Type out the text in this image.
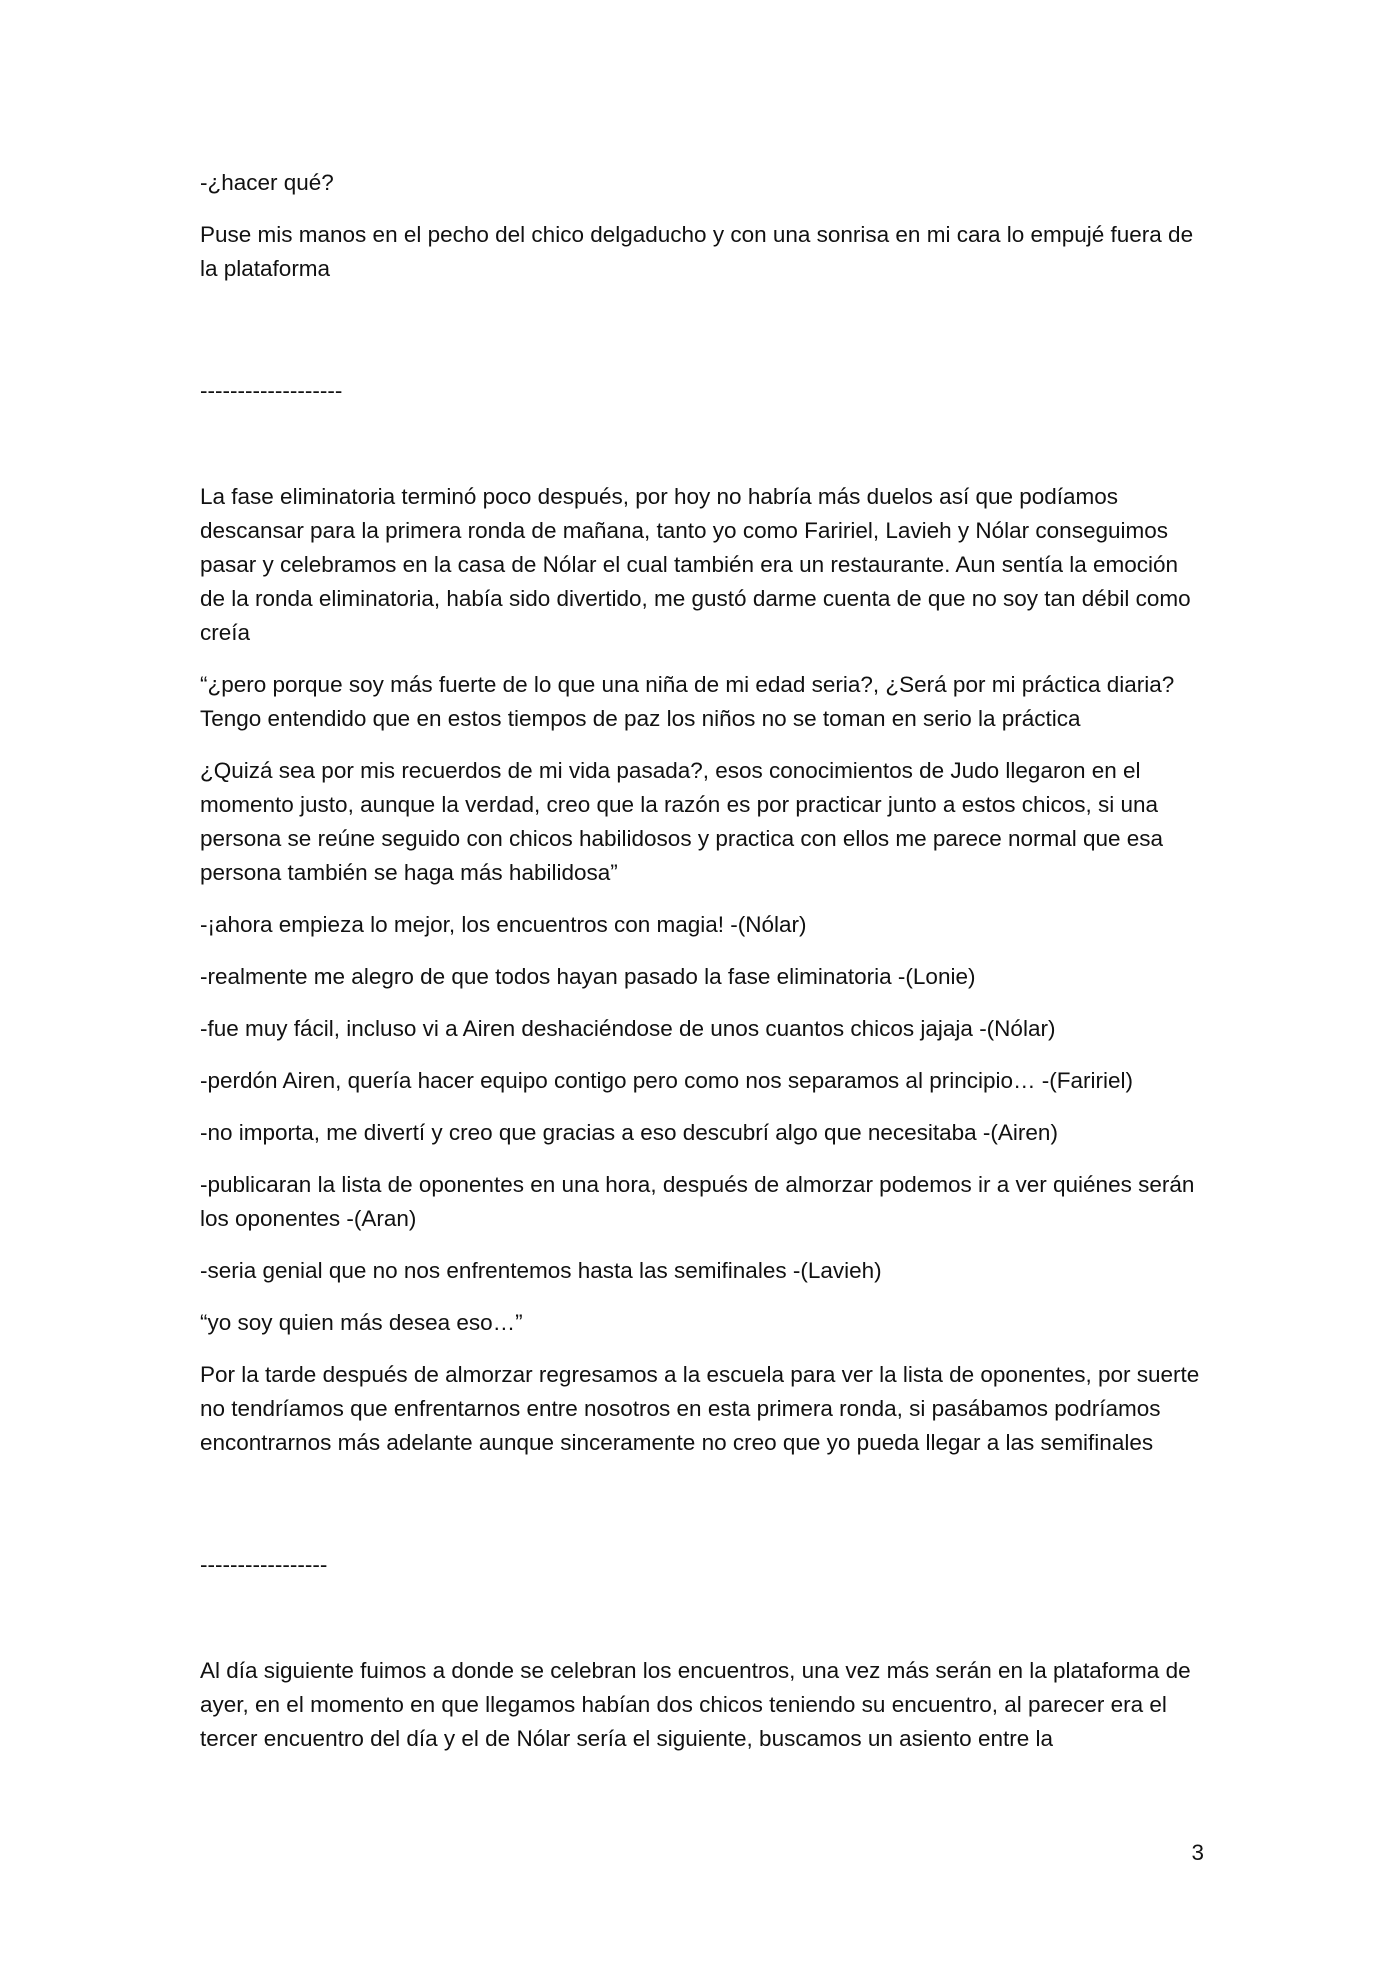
-¿hacer qué?

Puse mis manos en el pecho del chico delgaducho y con una sonrisa en mi cara lo empujé fuera de la plataforma

-------------------

La fase eliminatoria terminó poco después, por hoy no habría más duelos así que podíamos descansar para la primera ronda de mañana, tanto yo como Faririel, Lavieh y Nólar conseguimos pasar y celebramos en la casa de Nólar el cual también era un restaurante. Aun sentía la emoción de la ronda eliminatoria, había sido divertido, me gustó darme cuenta de que no soy tan débil como creía

“¿pero porque soy más fuerte de lo que una niña de mi edad seria?, ¿Será por mi práctica diaria? Tengo entendido que en estos tiempos de paz los niños no se toman en serio la práctica

¿Quizá sea por mis recuerdos de mi vida pasada?, esos conocimientos de Judo llegaron en el momento justo, aunque la verdad, creo que la razón es por practicar junto a estos chicos, si una persona se reúne seguido con chicos habilidosos y practica con ellos me parece normal que esa persona también se haga más habilidosa”

-¡ahora empieza lo mejor, los encuentros con magia! -(Nólar)

-realmente me alegro de que todos hayan pasado la fase eliminatoria -(Lonie)

-fue muy fácil, incluso vi a Airen deshaciéndose de unos cuantos chicos jajaja -(Nólar)

-perdón Airen, quería hacer equipo contigo pero como nos separamos al principio… -(Faririel)

-no importa, me divertí y creo que gracias a eso descubrí algo que necesitaba -(Airen)

-publicaran la lista de oponentes en una hora, después de almorzar podemos ir a ver quiénes serán los oponentes -(Aran)

-seria genial que no nos enfrentemos hasta las semifinales -(Lavieh)

“yo soy quien más desea eso…”

Por la tarde después de almorzar regresamos a la escuela para ver la lista de oponentes, por suerte no tendríamos que enfrentarnos entre nosotros en esta primera ronda, si pasábamos podríamos encontrarnos más adelante aunque sinceramente no creo que yo pueda llegar a las semifinales

-----------------

Al día siguiente fuimos a donde se celebran los encuentros, una vez más serán en la plataforma de ayer, en el momento en que llegamos habían dos chicos teniendo su encuentro, al parecer era el tercer encuentro del día y el de Nólar sería el siguiente, buscamos un asiento entre la

3
